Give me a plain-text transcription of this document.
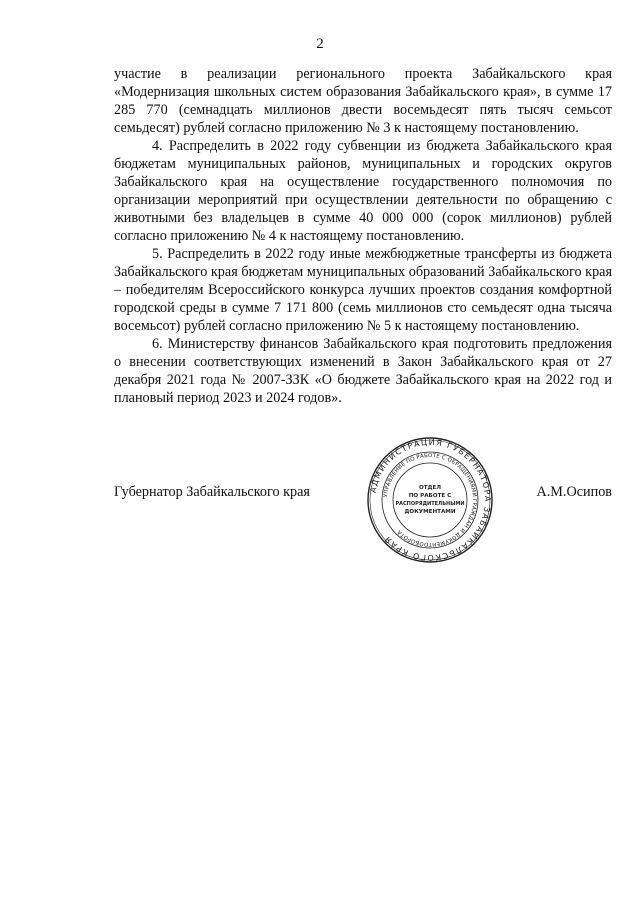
2

участие в реализации регионального проекта Забайкальского края «Модернизация школьных систем образования Забайкальского края», в сумме 17 285 770 (семнадцать миллионов двести восемьдесят пять тысяч семьсот семьдесят) рублей согласно приложению № 3 к настоящему постановлению.

4. Распределить в 2022 году субвенции из бюджета Забайкальского края бюджетам муниципальных районов, муниципальных и городских округов Забайкальского края на осуществление государственного полномочия по организации мероприятий при осуществлении деятельности по обращению с животными без владельцев в сумме 40 000 000 (сорок миллионов) рублей согласно приложению № 4 к настоящему постановлению.

5. Распределить в 2022 году иные межбюджетные трансферты из бюджета Забайкальского края бюджетам муниципальных образований Забайкальского края – победителям Всероссийского конкурса лучших проектов создания комфортной городской среды в сумме 7 171 800 (семь миллионов сто семьдесят одна тысяча восемьсот) рублей согласно приложению № 5 к настоящему постановлению.

6. Министерству финансов Забайкальского края подготовить предложения о внесении соответствующих изменений в Закон Забайкальского края от 27 декабря 2021 года № 2007-ЗЗК «О бюджете Забайкальского края на 2022 год и плановый период 2023 и 2024 годов».

Губернатор Забайкальского края	А.М.Осипов
АДМИНИСТРАЦИЯ ГУБЕРНАТОРА ЗАБАЙКАЛЬСКОГО КРАЯ
УПРАВЛЕНИЕ ПО РАБОТЕ С ОБРАЩЕНИЯМИ ГРАЖДАН И ДОКУМЕНТООБОРОТА
ОТДЕЛ
ПО РАБОТЕ С
РАСПОРЯДИТЕЛЬНЫМИ
ДОКУМЕНТАМИ
